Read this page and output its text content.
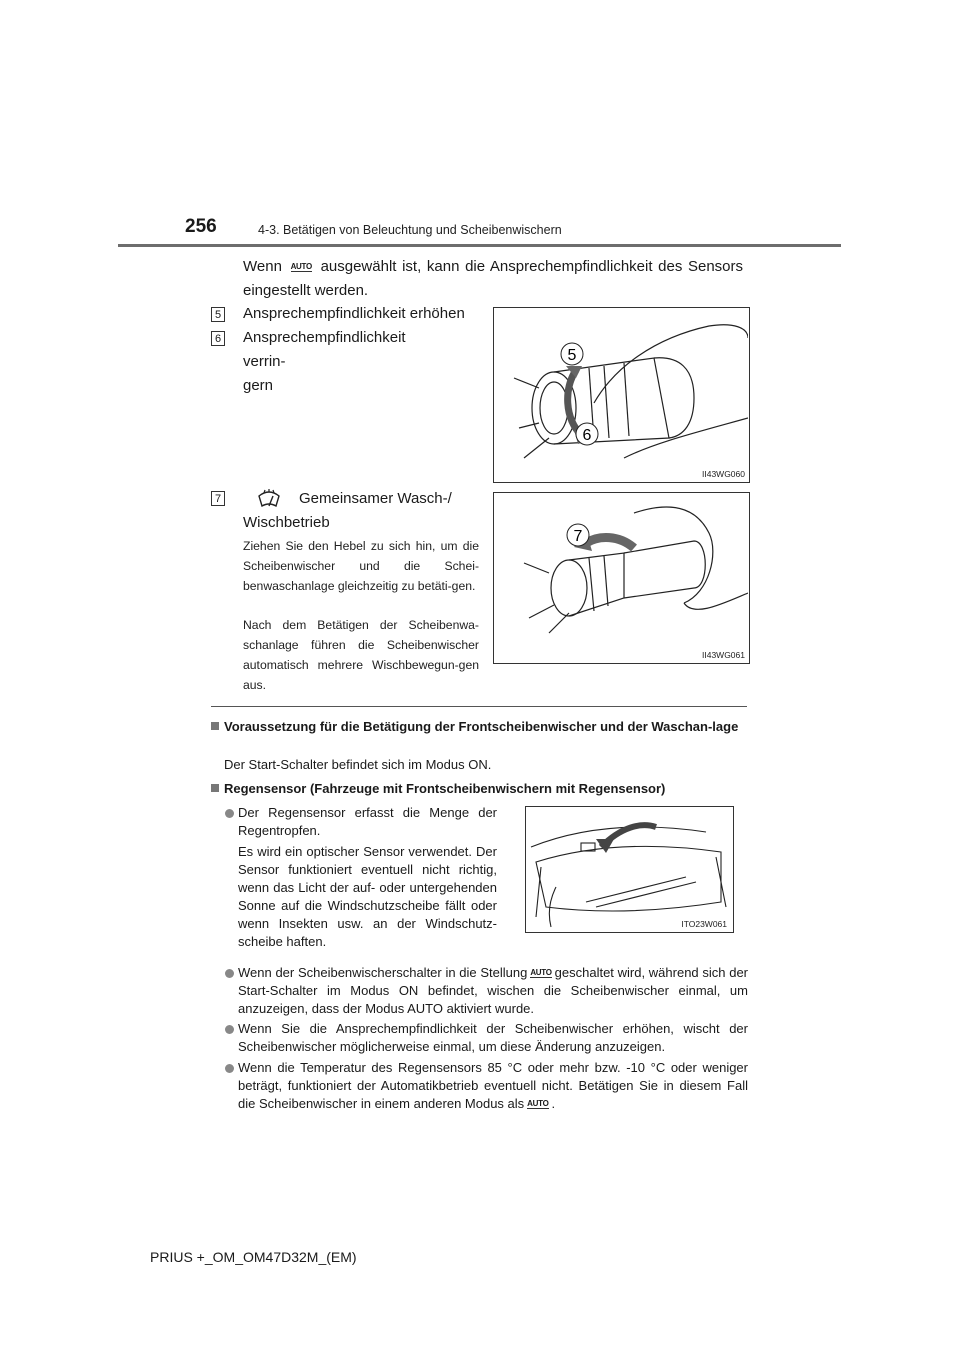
256	4-3. Betätigen von Beleuchtung und Scheibenwischern
Wenn AUTO ausgewählt ist, kann die Ansprechempfindlichkeit des Sensors eingestellt werden.
5 Ansprechempfindlichkeit erhöhen
6 Ansprechempfindlichkeit         verrin-
gern
5
6
II43WG060
7	Gemeinsamer Wasch-/
Wischbetrieb
Ziehen Sie den Hebel zu sich hin, um die Scheibenwischer und die Schei-benwaschanlage gleichzeitig zu betäti-gen.
Nach dem Betätigen der Scheibenwa-schanlage führen die Scheibenwischer automatisch mehrere Wischbewegun-gen aus.
7
II43WG061
Voraussetzung für die Betätigung der Frontscheibenwischer und der Waschan-lage
Der Start-Schalter befindet sich im Modus ON.
Regensensor (Fahrzeuge mit Frontscheibenwischern mit Regensensor)
Der Regensensor erfasst die Menge der Regentropfen.
Es wird ein optischer Sensor verwendet. Der Sensor funktioniert eventuell nicht richtig, wenn das Licht der auf- oder untergehenden Sonne auf die Windschutzscheibe fällt oder wenn Insekten usw. an der Windschutz-scheibe haften.
ITO23W061
Wenn der Scheibenwischerschalter in die Stellung AUTO geschaltet wird, während sich der Start-Schalter im Modus ON befindet, wischen die Scheibenwischer einmal, um anzuzeigen, dass der Modus AUTO aktiviert wurde.
Wenn Sie die Ansprechempfindlichkeit der Scheibenwischer erhöhen, wischt der Scheibenwischer möglicherweise einmal, um diese Änderung anzuzeigen.
Wenn die Temperatur des Regensensors 85 °C oder mehr bzw. -10 °C oder weniger beträgt, funktioniert der Automatikbetrieb eventuell nicht. Betätigen Sie in diesem Fall die Scheibenwischer in einem anderen Modus als AUTO .
PRIUS +_OM_OM47D32M_(EM)
